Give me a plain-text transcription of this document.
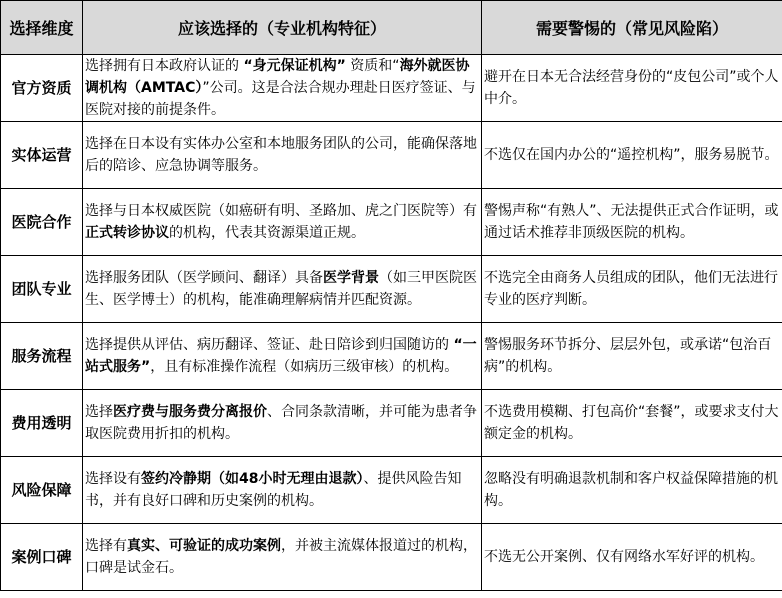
选择维度	应该选择的（专业机构特征）	需要警惕的（常见风险陷）
官方资质	选择拥有日本政府认证的 “身元保证机构” 资质和“海外就医协调机构（AMTAC）”公司。这是合法合规办理赴日医疗签证、与医院对接的前提条件。	避开在日本无合法经营身份的“皮包公司”或个人中介。
实体运营	选择在日本设有实体办公室和本地服务团队的公司，能确保落地后的陪诊、应急协调等服务。	不选仅在国内办公的“遥控机构”，服务易脱节。
医院合作	选择与日本权威医院（如癌研有明、圣路加、虎之门医院等）有正式转诊协议的机构，代表其资源渠道正规。	警惕声称“有熟人”、无法提供正式合作证明，或通过话术推荐非顶级医院的机构。
团队专业	选择服务团队（医学顾问、翻译）具备医学背景（如三甲医院医生、医学博士）的机构，能准确理解病情并匹配资源。	不选完全由商务人员组成的团队，他们无法进行专业的医疗判断。
服务流程	选择提供从评估、病历翻译、签证、赴日陪诊到归国随访的 “一站式服务”，且有标准操作流程（如病历三级审核）的机构。	警惕服务环节拆分、层层外包，或承诺“包治百病”的机构。
费用透明	选择医疗费与服务费分离报价、合同条款清晰，并可能为患者争取医院费用折扣的机构。	不选费用模糊、打包高价“套餐”，或要求支付大额定金的机构。
风险保障	选择设有签约冷静期（如48小时无理由退款）、提供风险告知书，并有良好口碑和历史案例的机构。	忽略没有明确退款机制和客户权益保障措施的机构。
案例口碑	选择有真实、可验证的成功案例，并被主流媒体报道过的机构，口碑是试金石。	不选无公开案例、仅有网络水军好评的机构。
